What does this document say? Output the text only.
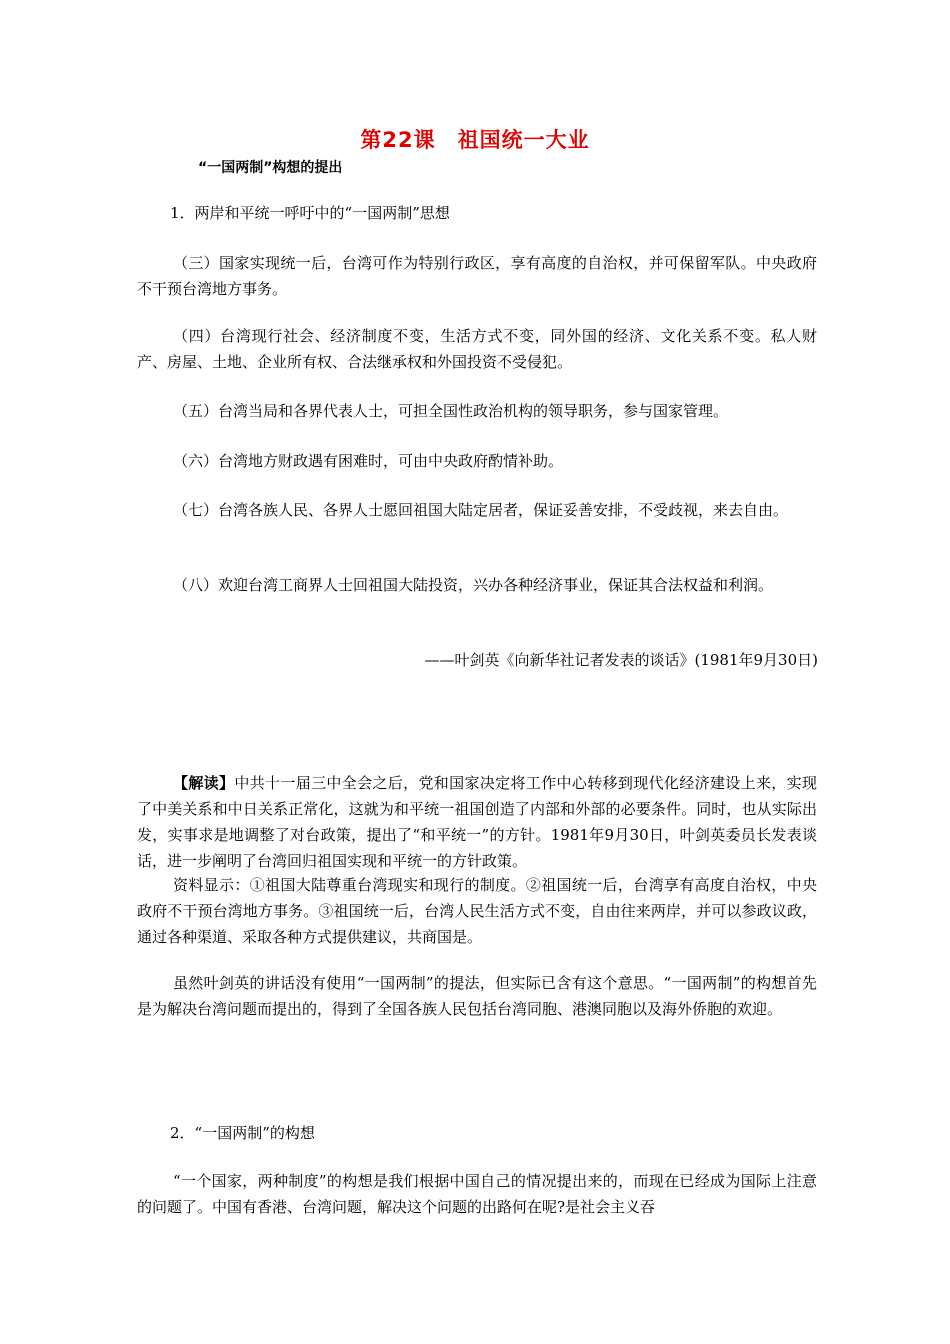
第22课　祖国统一大业

“一国两制”构想的提出

1．两岸和平统一呼吁中的“一国两制”思想

（三）国家实现统一后，台湾可作为特别行政区，享有高度的自治权，并可保留军队。中央政府不干预台湾地方事务。

（四）台湾现行社会、经济制度不变，生活方式不变，同外国的经济、文化关系不变。私人财产、房屋、土地、企业所有权、合法继承权和外国投资不受侵犯。

（五）台湾当局和各界代表人士，可担全国性政治机构的领导职务，参与国家管理。

（六）台湾地方财政遇有困难时，可由中央政府酌情补助。

（七）台湾各族人民、各界人士愿回祖国大陆定居者，保证妥善安排，不受歧视，来去自由。

（八）欢迎台湾工商界人士回祖国大陆投资，兴办各种经济事业，保证其合法权益和利润。

——叶剑英《向新华社记者发表的谈话》(1981年9月30日)

【解读】中共十一届三中全会之后，党和国家决定将工作中心转移到现代化经济建设上来，实现了中美关系和中日关系正常化，这就为和平统一祖国创造了内部和外部的必要条件。同时，也从实际出发，实事求是地调整了对台政策，提出了“和平统一”的方针。1981年9月30日，叶剑英委员长发表谈话，进一步阐明了台湾回归祖国实现和平统一的方针政策。

资料显示：①祖国大陆尊重台湾现实和现行的制度。②祖国统一后，台湾享有高度自治权，中央政府不干预台湾地方事务。③祖国统一后，台湾人民生活方式不变，自由往来两岸，并可以参政议政，通过各种渠道、采取各种方式提供建议，共商国是。

虽然叶剑英的讲话没有使用“一国两制”的提法，但实际已含有这个意思。“一国两制”的构想首先是为解决台湾问题而提出的，得到了全国各族人民包括台湾同胞、港澳同胞以及海外侨胞的欢迎。

2．“一国两制”的构想

“一个国家，两种制度”的构想是我们根据中国自己的情况提出来的，而现在已经成为国际上注意的问题了。中国有香港、台湾问题，解决这个问题的出路何在呢?是社会主义吞
